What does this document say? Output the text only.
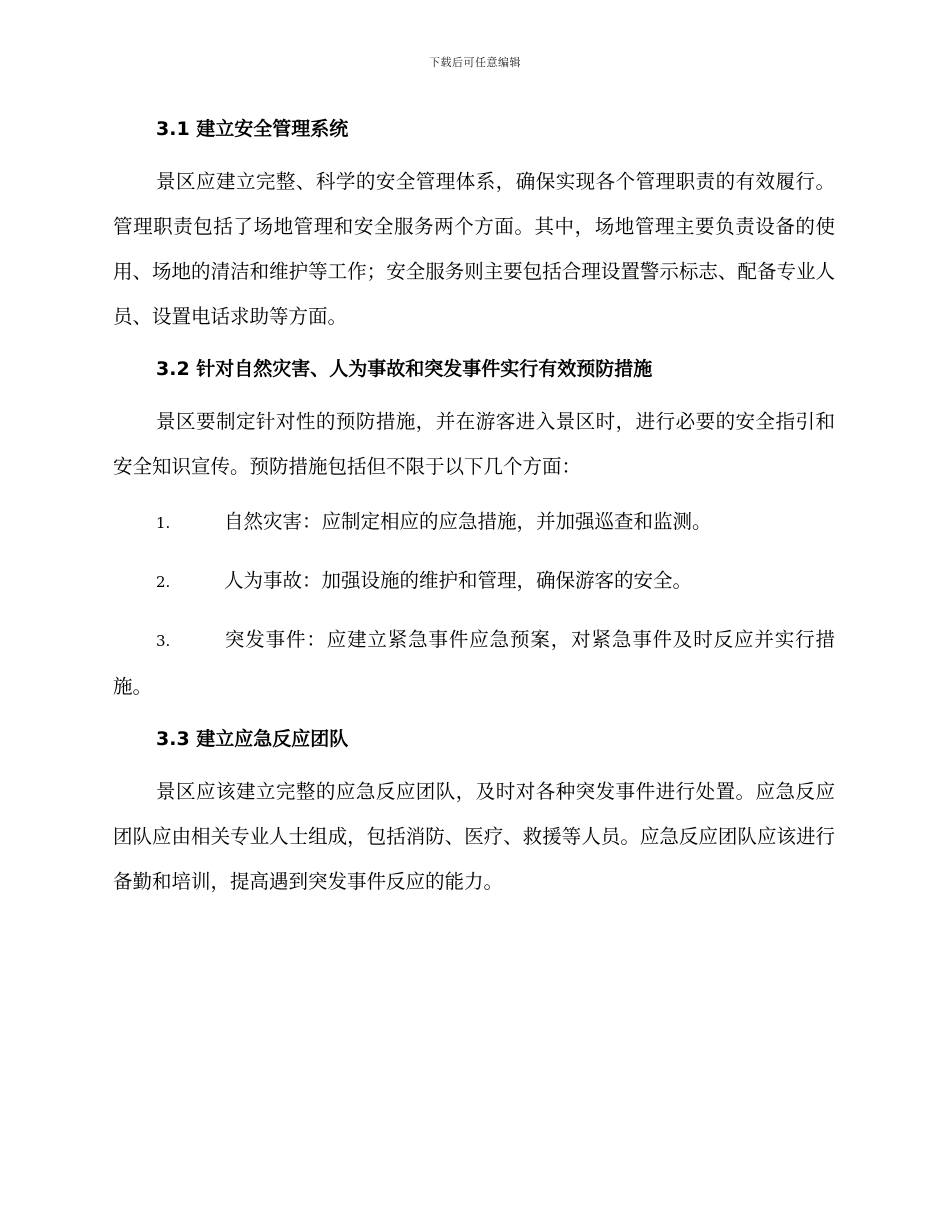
下载后可任意编辑
3.1 建立安全管理系统

景区应建立完整、科学的安全管理体系，确保实现各个管理职责的有效履行。管理职责包括了场地管理和安全服务两个方面。其中，场地管理主要负责设备的使用、场地的清洁和维护等工作；安全服务则主要包括合理设置警示标志、配备专业人员、设置电话求助等方面。

3.2 针对自然灾害、人为事故和突发事件实行有效预防措施

景区要制定针对性的预防措施，并在游客进入景区时，进行必要的安全指引和安全知识宣传。预防措施包括但不限于以下几个方面：

1.	自然灾害：应制定相应的应急措施，并加强巡查和监测。

2.	人为事故：加强设施的维护和管理，确保游客的安全。

3.	突发事件：应建立紧急事件应急预案，对紧急事件及时反应并实行措施。

3.3 建立应急反应团队

景区应该建立完整的应急反应团队，及时对各种突发事件进行处置。应急反应团队应由相关专业人士组成，包括消防、医疗、救援等人员。应急反应团队应该进行备勤和培训，提高遇到突发事件反应的能力。
